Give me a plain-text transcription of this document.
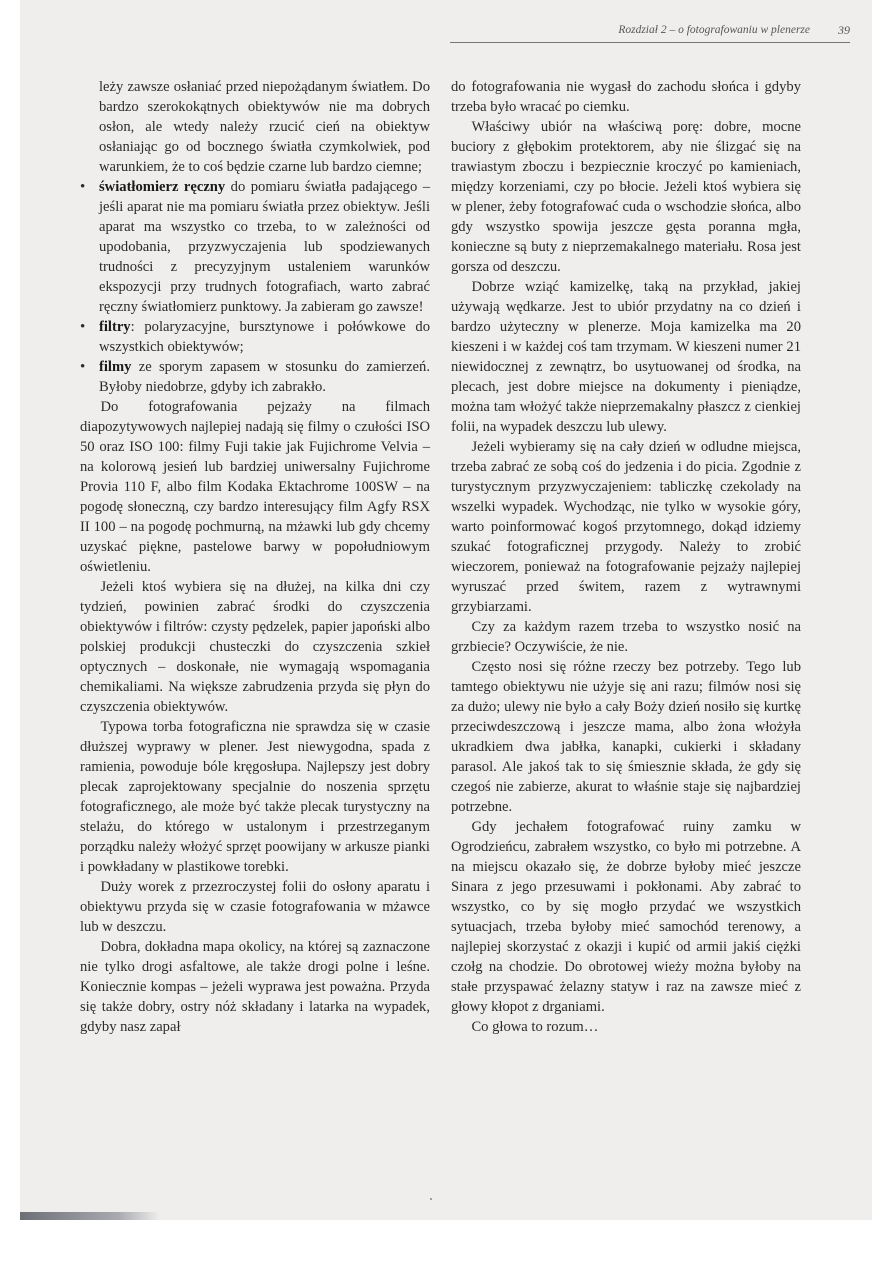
Rozdział 2 – o fotografowaniu w plenerze 39
leży zawsze osłaniać przed niepożądanym światłem. Do bardzo szerokokątnych obiektywów nie ma dobrych osłon, ale wtedy należy rzucić cień na obiektyw osłaniając go od bocznego światła czymkolwiek, pod warunkiem, że to coś będzie czarne lub bardzo ciemne;
• światłomierz ręczny do pomiaru światła padającego – jeśli aparat nie ma pomiaru światła przez obiektyw. Jeśli aparat ma wszystko co trzeba, to w zależności od upodobania, przyzwyczajenia lub spodziewanych trudności z precyzyjnym ustaleniem warunków ekspozycji przy trudnych fotografiach, warto zabrać ręczny światłomierz punktowy. Ja zabieram go zawsze!
• filtry: polaryzacyjne, bursztynowe i połówkowe do wszystkich obiektywów;
• filmy ze sporym zapasem w stosunku do zamierzeń. Byłoby niedobrze, gdyby ich zabrakło.

Do fotografowania pejzaży na filmach diapozytywowych najlepiej nadają się filmy o czułości ISO 50 oraz ISO 100: filmy Fuji takie jak Fujichrome Velvia – na kolorową jesień lub bardziej uniwersalny Fujichrome Provia 110 F, albo film Kodaka Ektachrome 100SW – na pogodę słoneczną, czy bardzo interesujący film Agfy RSX II 100 – na pogodę pochmurną, na mżawki lub gdy chcemy uzyskać piękne, pastelowe barwy w popołudniowym oświetleniu.

Jeżeli ktoś wybiera się na dłużej, na kilka dni czy tydzień, powinien zabrać środki do czyszczenia obiektywów i filtrów: czysty pędzelek, papier japoński albo polskiej produkcji chusteczki do czyszczenia szkieł optycznych – doskonałe, nie wymagają wspomagania chemikaliami. Na większe zabrudzenia przyda się płyn do czyszczenia obiektywów.

Typowa torba fotograficzna nie sprawdza się w czasie dłuższej wyprawy w plener. Jest niewygodna, spada z ramienia, powoduje bóle kręgosłupa. Najlepszy jest dobry plecak zaprojektowany specjalnie do noszenia sprzętu fotograficznego, ale może być także plecak turystyczny na stelażu, do którego w ustalonym i przestrzeganym porządku należy włożyć sprzęt poowijany w arkusze pianki i powkładany w plastikowe torebki.

Duży worek z przezroczystej folii do osłony aparatu i obiektywu przyda się w czasie fotografowania w mżawce lub w deszczu.

Dobra, dokładna mapa okolicy, na której są zaznaczone nie tylko drogi asfaltowe, ale także drogi polne i leśne. Koniecznie kompas – jeżeli wyprawa jest poważna. Przyda się także dobry, ostry nóż składany i latarka na wypadek, gdyby nasz zapał

do fotografowania nie wygasł do zachodu słońca i gdyby trzeba było wracać po ciemku.

Właściwy ubiór na właściwą porę: dobre, mocne buciory z głębokim protektorem, aby nie ślizgać się na trawiastym zboczu i bezpiecznie kroczyć po kamieniach, między korzeniami, czy po błocie. Jeżeli ktoś wybiera się w plener, żeby fotografować cuda o wschodzie słońca, albo gdy wszystko spowija jeszcze gęsta poranna mgła, konieczne są buty z nieprzemakalnego materiału. Rosa jest gorsza od deszczu.

Dobrze wziąć kamizelkę, taką na przykład, jakiej używają wędkarze. Jest to ubiór przydatny na co dzień i bardzo użyteczny w plenerze. Moja kamizelka ma 20 kieszeni i w każdej coś tam trzymam. W kieszeni numer 21 niewidocznej z zewnątrz, bo usytuowanej od środka, na plecach, jest dobre miejsce na dokumenty i pieniądze, można tam włożyć także nieprzemakalny płaszcz z cienkiej folii, na wypadek deszczu lub ulewy.

Jeżeli wybieramy się na cały dzień w odludne miejsca, trzeba zabrać ze sobą coś do jedzenia i do picia. Zgodnie z turystycznym przyzwyczajeniem: tabliczkę czekolady na wszelki wypadek. Wychodząc, nie tylko w wysokie góry, warto poinformować kogoś przytomnego, dokąd idziemy szukać fotograficznej przygody. Należy to zrobić wieczorem, ponieważ na fotografowanie pejzaży najlepiej wyruszać przed świtem, razem z wytrawnymi grzybiarzami.

Czy za każdym razem trzeba to wszystko nosić na grzbiecie? Oczywiście, że nie.

Często nosi się różne rzeczy bez potrzeby. Tego lub tamtego obiektywu nie użyje się ani razu; filmów nosi się za dużo; ulewy nie było a cały Boży dzień nosiło się kurtkę przeciwdeszczową i jeszcze mama, albo żona włożyła ukradkiem dwa jabłka, kanapki, cukierki i składany parasol. Ale jakoś tak to się śmiesznie składa, że gdy się czegoś nie zabierze, akurat to właśnie staje się najbardziej potrzebne.

Gdy jechałem fotografować ruiny zamku w Ogrodzieńcu, zabrałem wszystko, co było mi potrzebne. A na miejscu okazało się, że dobrze byłoby mieć jeszcze Sinara z jego przesuwami i pokłonami. Aby zabrać to wszystko, co by się mogło przydać we wszystkich sytuacjach, trzeba byłoby mieć samochód terenowy, a najlepiej skorzystać z okazji i kupić od armii jakiś ciężki czołg na chodzie. Do obrotowej wieży można byłoby na stałe przyspawać żelazny statyw i raz na zawsze mieć z głowy kłopot z drganiami.

Co głowa to rozum…
